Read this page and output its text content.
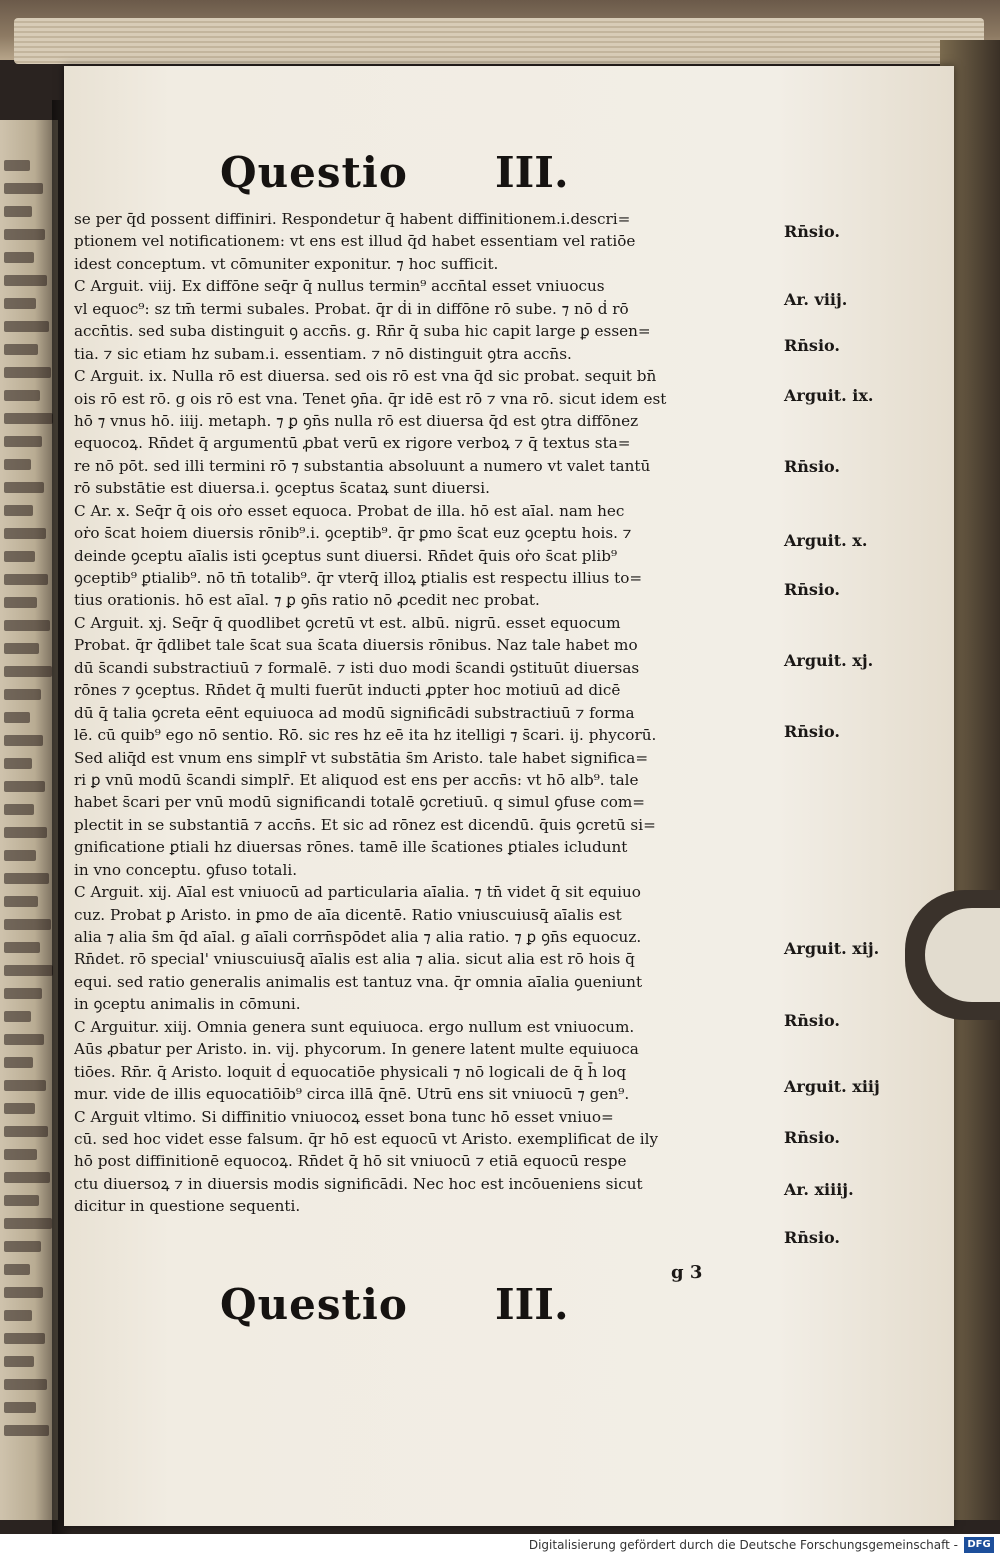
Questio III.
se per q̄d possent diffiniri. Respondetur q̄ habent diffinitionem.i.descri=
ptionem vel notificationem: vt ens est illud q̄d habet essentiam vel ratiōe
idest conceptum. vt cōmuniter exponitur. ⁊ hoc sufficit.
C Arguit. viij. Ex diffōne seq̄r q̄ nullus termin⁹ accn̄tal esset vniuocus
vl equoc⁹: sz tm̄ termi subales. Probat. q̄r ḋi in diffōne rō sube. ⁊ nō ḋ rō
accn̄tis. sed suba distinguit ꝯ accn̄s. g. Rn̄r q̄ suba hic capit large ꝑ essen=
tia. ⁊ sic etiam hz subam.i. essentiam. ⁊ nō distinguit ꝯtra accn̄s.
C Arguit. ix. Nulla rō est diuersa. sed ois rō est vna q̄d sic probat. sequit bn̄
ois rō est rō. g ois rō est vna. Tenet ꝯn̄a. q̄r idē est rō ⁊ vna rō. sicut idem est
hō ⁊ vnus hō. iiij. metaph. ⁊ ꝑ ꝯn̄s nulla rō est diuersa q̄d est ꝯtra diffōnez
equocoꝝ. Rn̄det q̄ argumentū ꝓbat verū ex rigore verboꝝ ⁊ q̄ textus sta=
re nō pōt. sed illi termini rō ⁊ substantia absoluunt a numero vt valet tantū
rō substātie est diuersa.i. ꝯceptus s̄cataꝝ sunt diuersi.
C Ar. x. Seq̄r q̄ ois oṙo esset equoca. Probat de illa. hō est aīal. nam hec
oṙo s̄cat hoiem diuersis rōnib⁹.i. ꝯceptib⁹. q̄r ꝑmo s̄cat euz ꝯceptu hois. ⁊
deinde ꝯceptu aīalis isti ꝯceptus sunt diuersi. Rn̄det q̄uis oṙo s̄cat plib⁹
ꝯceptib⁹ ꝑtialib⁹. nō tn̄ totalib⁹. q̄r vterq̄ illoꝝ ꝑtialis est respectu illius to=
tius orationis. hō est aīal. ⁊ ꝑ ꝯn̄s ratio nō ꝓcedit nec probat.
C Arguit. xj. Seq̄r q̄ quodlibet ꝯcretū vt est. albū. nigrū. esset equocum
Probat. q̄r q̄dlibet tale s̄cat sua s̄cata diuersis rōnibus. Naz tale habet mo
dū s̄candi substractiuū ⁊ formalē. ⁊ isti duo modi s̄candi ꝯstituūt diuersas
rōnes ⁊ ꝯceptus. Rn̄det q̄ multi fuerūt inducti ꝓpter hoc motiuū ad dicē
dū q̄ talia ꝯcreta eēnt equiuoca ad modū significādi substractiuū ⁊ forma
lē. cū quib⁹ ego nō sentio. Rō. sic res hz eē ita hz itelligi ⁊ s̄cari. ij. phycorū.
Sed aliq̄d est vnum ens simplr̄ vt substātia s̄m Aristo. tale habet significa=
ri ꝑ vnū modū s̄candi simplr̄. Et aliquod est ens per accn̄s: vt hō alb⁹. tale
habet s̄cari per vnū modū significandi totalē ꝯcretiuū. q simul ꝯfuse com=
plectit in se substantiā ⁊ accn̄s. Et sic ad rōnez est dicendū. q̄uis ꝯcretū si=
gnificatione ꝑtiali hz diuersas rōnes. tamē ille s̄cationes ꝑtiales icludunt
in vno conceptu. ꝯfuso totali.
C Arguit. xij. Aīal est vniuocū ad particularia aīalia. ⁊ tn̄ videt q̄ sit equiuo
cuz. Probat ꝑ Aristo. in ꝑmo de aīa dicentē. Ratio vniuscuiusq̄ aīalis est
alia ⁊ alia s̄m q̄d aīal. g aīali corrn̄spōdet alia ⁊ alia ratio. ⁊ ꝑ ꝯn̄s equocuz.
Rn̄det. rō special' vniuscuiusq̄ aīalis est alia ⁊ alia. sicut alia est rō hois q̄
equi. sed ratio generalis animalis est tantuz vna. q̄r omnia aīalia ꝯueniunt
in ꝯceptu animalis in cōmuni.
C Arguitur. xiij. Omnia genera sunt equiuoca. ergo nullum est vniuocum.
Aūs ꝓbatur per Aristo. in. vij. phycorum. In genere latent multe equiuoca
tiōes. Rn̄r. q̄ Aristo. loquit ḋ equocatiōe physicali ⁊ nō logicali de q̄ h̄ loq
mur. vide de illis equocatiōib⁹ circa illā q̄nē. Utrū ens sit vniuocū ⁊ gen⁹.
C Arguit vltimo. Si diffinitio vniuocoꝝ esset bona tunc hō esset vniuo=
cū. sed hoc videt esse falsum. q̄r hō est equocū vt Aristo. exemplificat de ily
hō post diffinitionē equocoꝝ. Rn̄det q̄ hō sit vniuocū ⁊ etiā equocū respe
ctu diuersoꝝ ⁊ in diuersis modis significādi. Nec hoc est incōueniens sicut
dicitur in questione sequenti.
Rn̄sio.
Ar. viij.
Rn̄sio.
Arguit. ix.
Rn̄sio.
Arguit. x.
Rn̄sio.
Arguit. xj.
Rn̄sio.
Arguit. xij.
Rn̄sio.
Arguit. xiij
Rn̄sio.
Ar. xiiij.
Rn̄sio.
g 3
Questio III.
Digitalisierung gefördert durch die Deutsche Forschungsgemeinschaft - DFG
